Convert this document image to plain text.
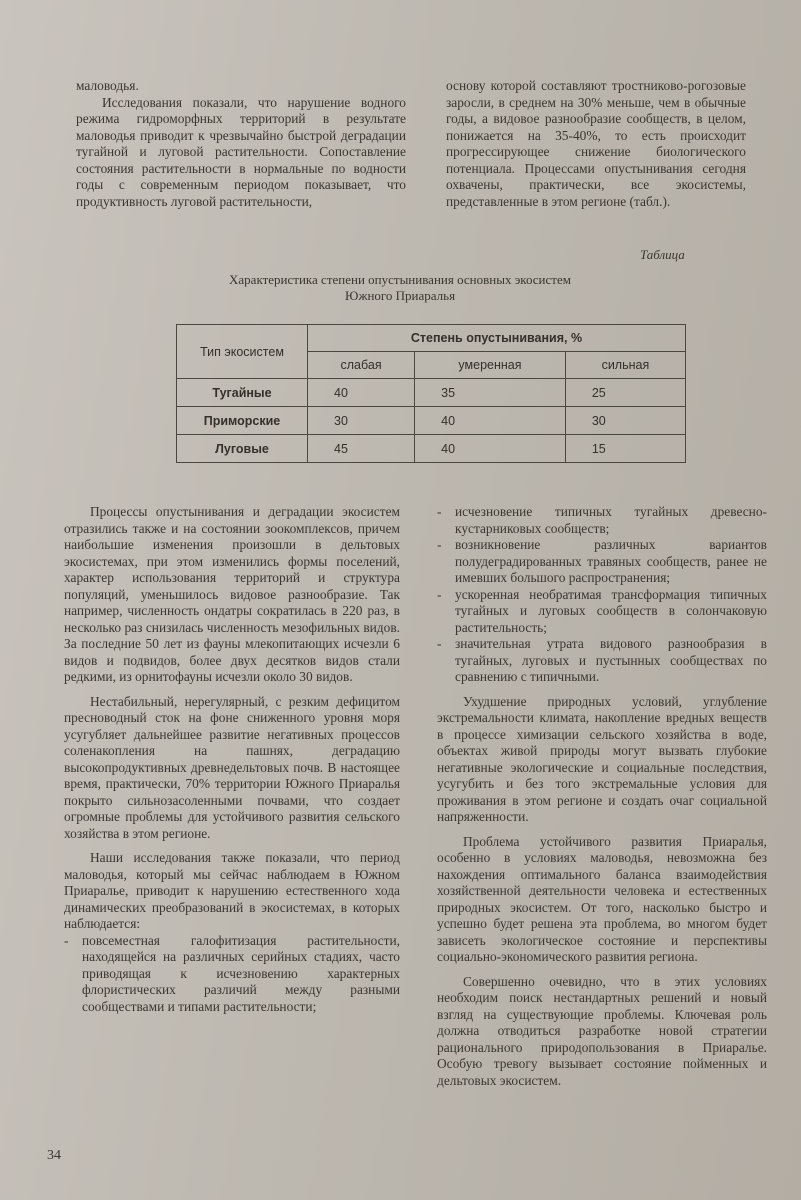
маловодья.

Исследования показали, что нарушение водного режима гидроморфных территорий в результате маловодья приводит к чрезвычайно быстрой деградации тугайной и луговой растительности. Сопоставление состояния растительности в нормальные по водности годы с современным периодом показывает, что продуктивность луговой растительности,

основу которой составляют тростниково-рогозовые заросли, в среднем на 30% меньше, чем в обычные годы, а видовое разнообразие сообществ, в целом, понижается на 35-40%, то есть происходит прогрессирующее снижение биологического потенциала. Процессами опустынивания сегодня охвачены, практически, все экосистемы, представленные в этом регионе (табл.).

Таблица
Характеристика степени опустынивания основных экосистем
Южного Приаралья
Тип экосистем	Степень опустынивания, %		
	слабая	умеренная	сильная
Тугайные	40	35	25
Приморские	30	40	30
Луговые	45	40	15

Процессы опустынивания и деградации экосистем отразились также и на состоянии зоокомплексов, причем наибольшие изменения произошли в дельтовых экосистемах, при этом изменились формы поселений, характер использования территорий и структура популяций, уменьшилось видовое разнообразие. Так например, численность ондатры сократилась в 220 раз, в несколько раз снизилась численность мезофильных видов. За последние 50 лет из фауны млекопитающих исчезли 6 видов и подвидов, более двух десятков видов стали редкими, из орнитофауны исчезли около 30 видов.

Нестабильный, нерегулярный, с резким дефицитом пресноводный сток на фоне сниженного уровня моря усугубляет дальнейшее развитие негативных процессов соленакопления на пашнях, деградацию высокопродуктивных древнедельтовых почв. В настоящее время, практически, 70% территории Южного Приаралья покрыто сильнозасоленными почвами, что создает огромные проблемы для устойчивого развития сельского хозяйства в этом регионе.

Наши исследования также показали, что период маловодья, который мы сейчас наблюдаем в Южном Приаралье, приводит к нарушению естественного хода динамических преобразований в экосистемах, в которых наблюдается:

- повсеместная галофитизация растительности, находящейся на различных серийных стадиях, часто приводящая к исчезновению характерных флористических различий между разными сообществами и типами растительности;

- исчезновение типичных тугайных древесно-кустарниковых сообществ;

- возникновение различных вариантов полудеградированных травяных сообществ, ранее не имевших большого распространения;

- ускоренная необратимая трансформация типичных тугайных и луговых сообществ в солончаковую растительность;

- значительная утрата видового разнообразия в тугайных, луговых и пустынных сообществах по сравнению с типичными.

Ухудшение природных условий, углубление экстремальности климата, накопление вредных веществ в процессе химизации сельского хозяйства в воде, объектах живой природы могут вызвать глубокие негативные экологические и социальные последствия, усугубить и без того экстремальные условия для проживания в этом регионе и создать очаг социальной напряженности.

Проблема устойчивого развития Приаралья, особенно в условиях маловодья, невозможна без нахождения оптимального баланса взаимодействия хозяйственной деятельности человека и естественных природных экосистем. От того, насколько быстро и успешно будет решена эта проблема, во многом будет зависеть экологическое состояние и перспективы социально-экономического развития региона.

Совершенно очевидно, что в этих условиях необходим поиск нестандартных решений и новый взгляд на существующие проблемы. Ключевая роль должна отводиться разработке новой стратегии рационального природопользования в Приаралье. Особую тревогу вызывает состояние пойменных и дельтовых экосистем.

34
